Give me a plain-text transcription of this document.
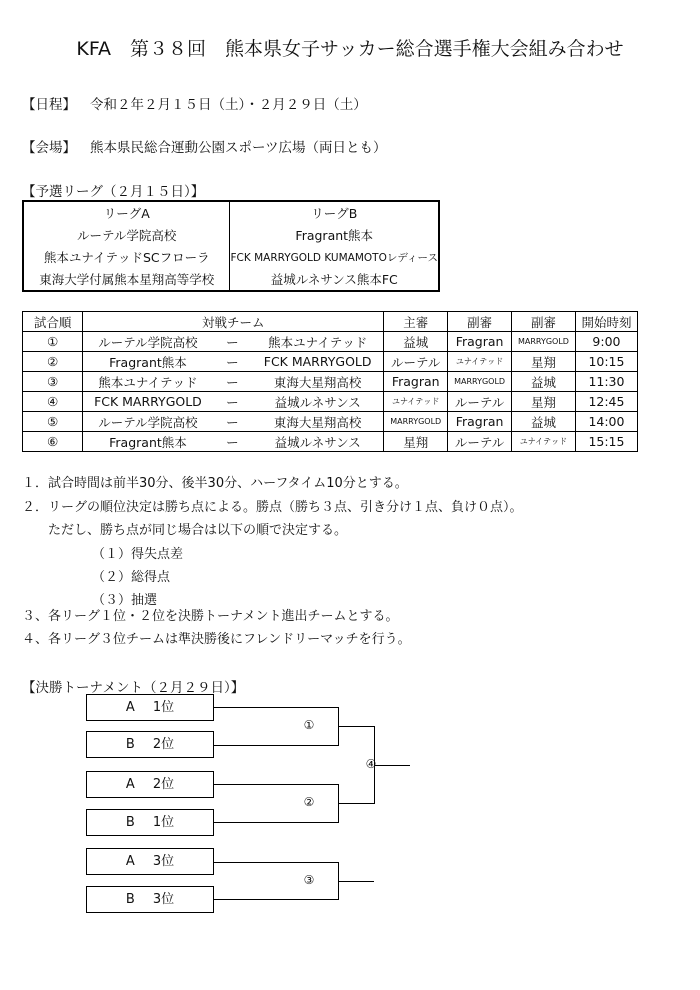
KFA　第３８回　熊本県女子サッカー総合選手権大会組み合わせ
【日程】 令和２年２月１５日（土）・２月２９日（土）
【会場】 熊本県民総合運動公園スポーツ広場（両日とも）
【予選リーグ（２月１５日）】
リーグA	リーグB
ルーテル学院高校	Fragrant熊本
熊本ユナイテッドSCフローラ	FCK MARRYGOLD KUMAMOTOレディース
東海大学付属熊本星翔高等学校	益城ルネサンス熊本FC
試合順	対戦チーム			主審	副審	副審	開始時刻
①	ルーテル学院高校	ー	熊本ユナイテッド	益城	Fragran	MARRYGOLD	9:00
②	Fragrant熊本	ー	FCK MARRYGOLD	ルーテル	ユナイテッド	星翔	10:15
③	熊本ユナイテッド	ー	東海大星翔高校	Fragran	MARRYGOLD	益城	11:30
④	FCK MARRYGOLD	ー	益城ルネサンス	ユナイテッド	ルーテル	星翔	12:45
⑤	ルーテル学院高校	ー	東海大星翔高校	MARRYGOLD	Fragran	益城	14:00
⑥	Fragrant熊本	ー	益城ルネサンス	星翔	ルーテル	ユナイテッド	15:15
１．試合時間は前半30分、後半30分、ハーフタイム10分とする。
２．リーグの順位決定は勝ち点による。勝点（勝ち３点、引き分け１点、負け０点）。
ただし、勝ち点が同じ場合は以下の順で決定する。
（１）得失点差
（２）総得点
（３）抽選
３、各リーグ１位・２位を決勝トーナメント進出チームとする。
４、各リーグ３位チームは準決勝後にフレンドリーマッチを行う。
【決勝トーナメント（２月２９日）】
A 1位
B 2位
A 2位
B 1位
A 3位
B 3位
①
②
④
③
